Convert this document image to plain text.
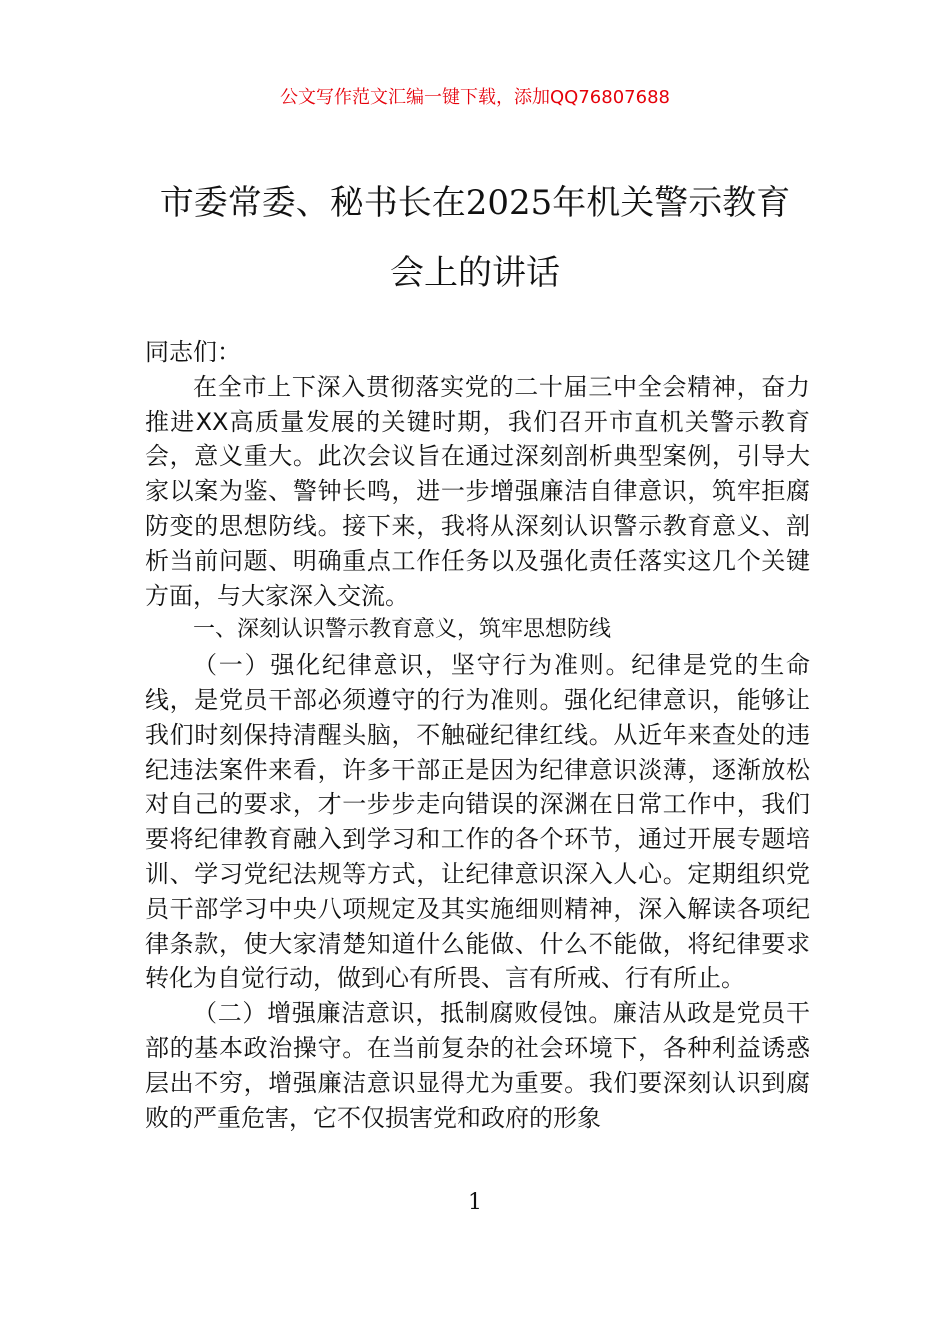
公文写作范文汇编一键下载，添加QQ76807688
市委常委、秘书长在2025年机关警示教育
会上的讲话

同志们：

在全市上下深入贯彻落实党的二十届三中全会精神，奋力推进XX高质量发展的关键时期，我们召开市直机关警示教育会，意义重大。此次会议旨在通过深刻剖析典型案例，引导大家以案为鉴、警钟长鸣，进一步增强廉洁自律意识，筑牢拒腐防变的思想防线。接下来，我将从深刻认识警示教育意义、剖析当前问题、明确重点工作任务以及强化责任落实这几个关键方面，与大家深入交流。

一、深刻认识警示教育意义，筑牢思想防线

（一）强化纪律意识，坚守行为准则。纪律是党的生命线，是党员干部必须遵守的行为准则。强化纪律意识，能够让我们时刻保持清醒头脑，不触碰纪律红线。从近年来查处的违纪违法案件来看，许多干部正是因为纪律意识淡薄，逐渐放松对自己的要求，才一步步走向错误的深渊在日常工作中，我们要将纪律教育融入到学习和工作的各个环节，通过开展专题培训、学习党纪法规等方式，让纪律意识深入人心。定期组织党员干部学习中央八项规定及其实施细则精神，深入解读各项纪律条款，使大家清楚知道什么能做、什么不能做，将纪律要求转化为自觉行动，做到心有所畏、言有所戒、行有所止。

（二）增强廉洁意识，抵制腐败侵蚀。廉洁从政是党员干部的基本政治操守。在当前复杂的社会环境下，各种利益诱惑层出不穷，增强廉洁意识显得尤为重要。我们要深刻认识到腐败的严重危害，它不仅损害党和政府的形象

1
